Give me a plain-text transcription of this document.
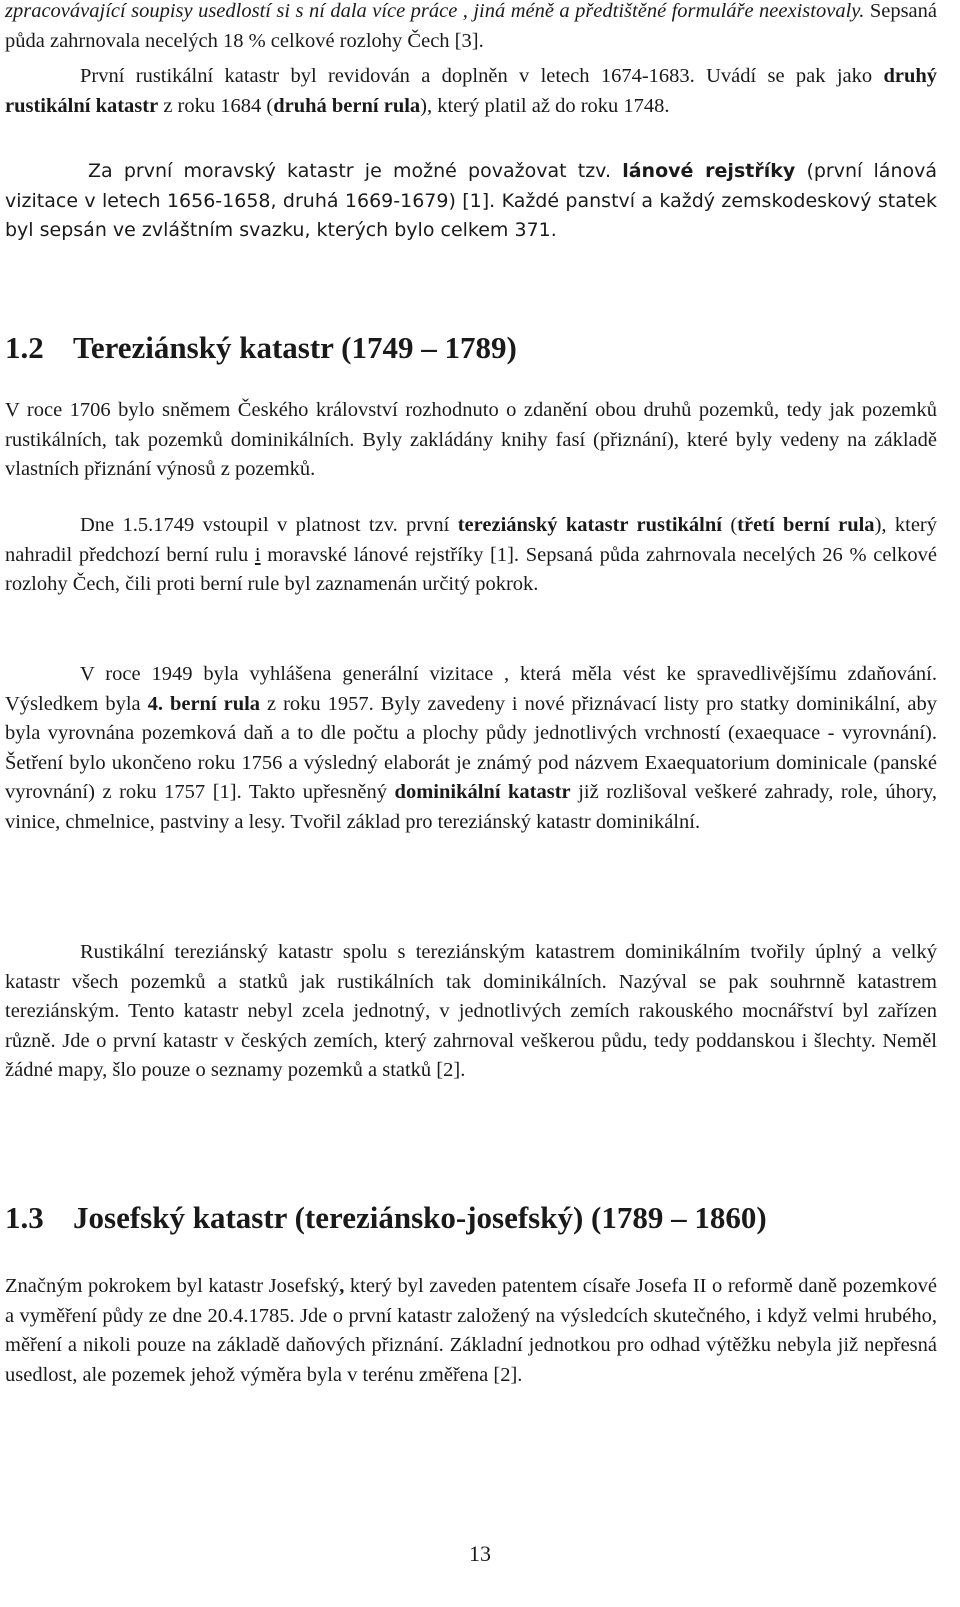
zpracovávající soupisy usedlostí si s ní dala více práce , jiná méně a předtištěné formuláře neexistovaly. Sepsaná půda zahrnovala necelých 18 % celkové rozlohy Čech [3].

První rustikální katastr byl revidován a doplněn v letech 1674-1683. Uvádí se pak jako druhý rustikální katastr z roku 1684 (druhá berní rula), který platil až do roku 1748.

Za první moravský katastr je možné považovat tzv. lánové rejstříky (první lánová vizitace v letech 1656-1658, druhá 1669-1679) [1]. Každé panství a každý zemskodeskový statek byl sepsán ve zvláštním svazku, kterých bylo celkem 371.

1.2 Tereziánský katastr (1749 – 1789)

V roce 1706 bylo sněmem Českého království rozhodnuto o zdanění obou druhů pozemků, tedy jak pozemků rustikálních, tak pozemků dominikálních. Byly zakládány knihy fasí (přiznání), které byly vedeny na základě vlastních přiznání výnosů z pozemků.

Dne 1.5.1749 vstoupil v platnost tzv. první tereziánský katastr rustikální (třetí berní rula), který nahradil předchozí berní rulu i moravské lánové rejstříky [1]. Sepsaná půda zahrnovala necelých 26 % celkové rozlohy Čech, čili proti berní rule byl zaznamenán určitý pokrok.

V roce 1949 byla vyhlášena generální vizitace , která měla vést ke spravedlivějšímu zdaňování. Výsledkem byla 4. berní rula z roku 1957. Byly zavedeny i nové přiznávací listy pro statky dominikální, aby byla vyrovnána pozemková daň a to dle počtu a plochy půdy jednotlivých vrchností (exaequace - vyrovnání). Šetření bylo ukončeno roku 1756 a výsledný elaborát je známý pod názvem Exaequatorium dominicale (panské vyrovnání) z roku 1757 [1]. Takto upřesněný dominikální katastr již rozlišoval veškeré zahrady, role, úhory, vinice, chmelnice, pastviny a lesy. Tvořil základ pro tereziánský katastr dominikální.

Rustikální tereziánský katastr spolu s tereziánským katastrem dominikálním tvořily úplný a velký katastr všech pozemků a statků jak rustikálních tak dominikálních. Nazýval se pak souhrnně katastrem tereziánským. Tento katastr nebyl zcela jednotný, v jednotlivých zemích rakouského mocnářství byl zařízen různě. Jde o první katastr v českých zemích, který zahrnoval veškerou půdu, tedy poddanskou i šlechty. Neměl žádné mapy, šlo pouze o seznamy pozemků a statků [2].

1.3 Josefský katastr (tereziánsko-josefský) (1789 – 1860)

Značným pokrokem byl katastr Josefský, který byl zaveden patentem císaře Josefa II o reformě daně pozemkové a vyměření půdy ze dne 20.4.1785. Jde o první katastr založený na výsledcích skutečného, i když velmi hrubého, měření a nikoli pouze na základě daňových přiznání. Základní jednotkou pro odhad výtěžku nebyla již nepřesná usedlost, ale pozemek jehož výměra byla v terénu změřena [2].

13
